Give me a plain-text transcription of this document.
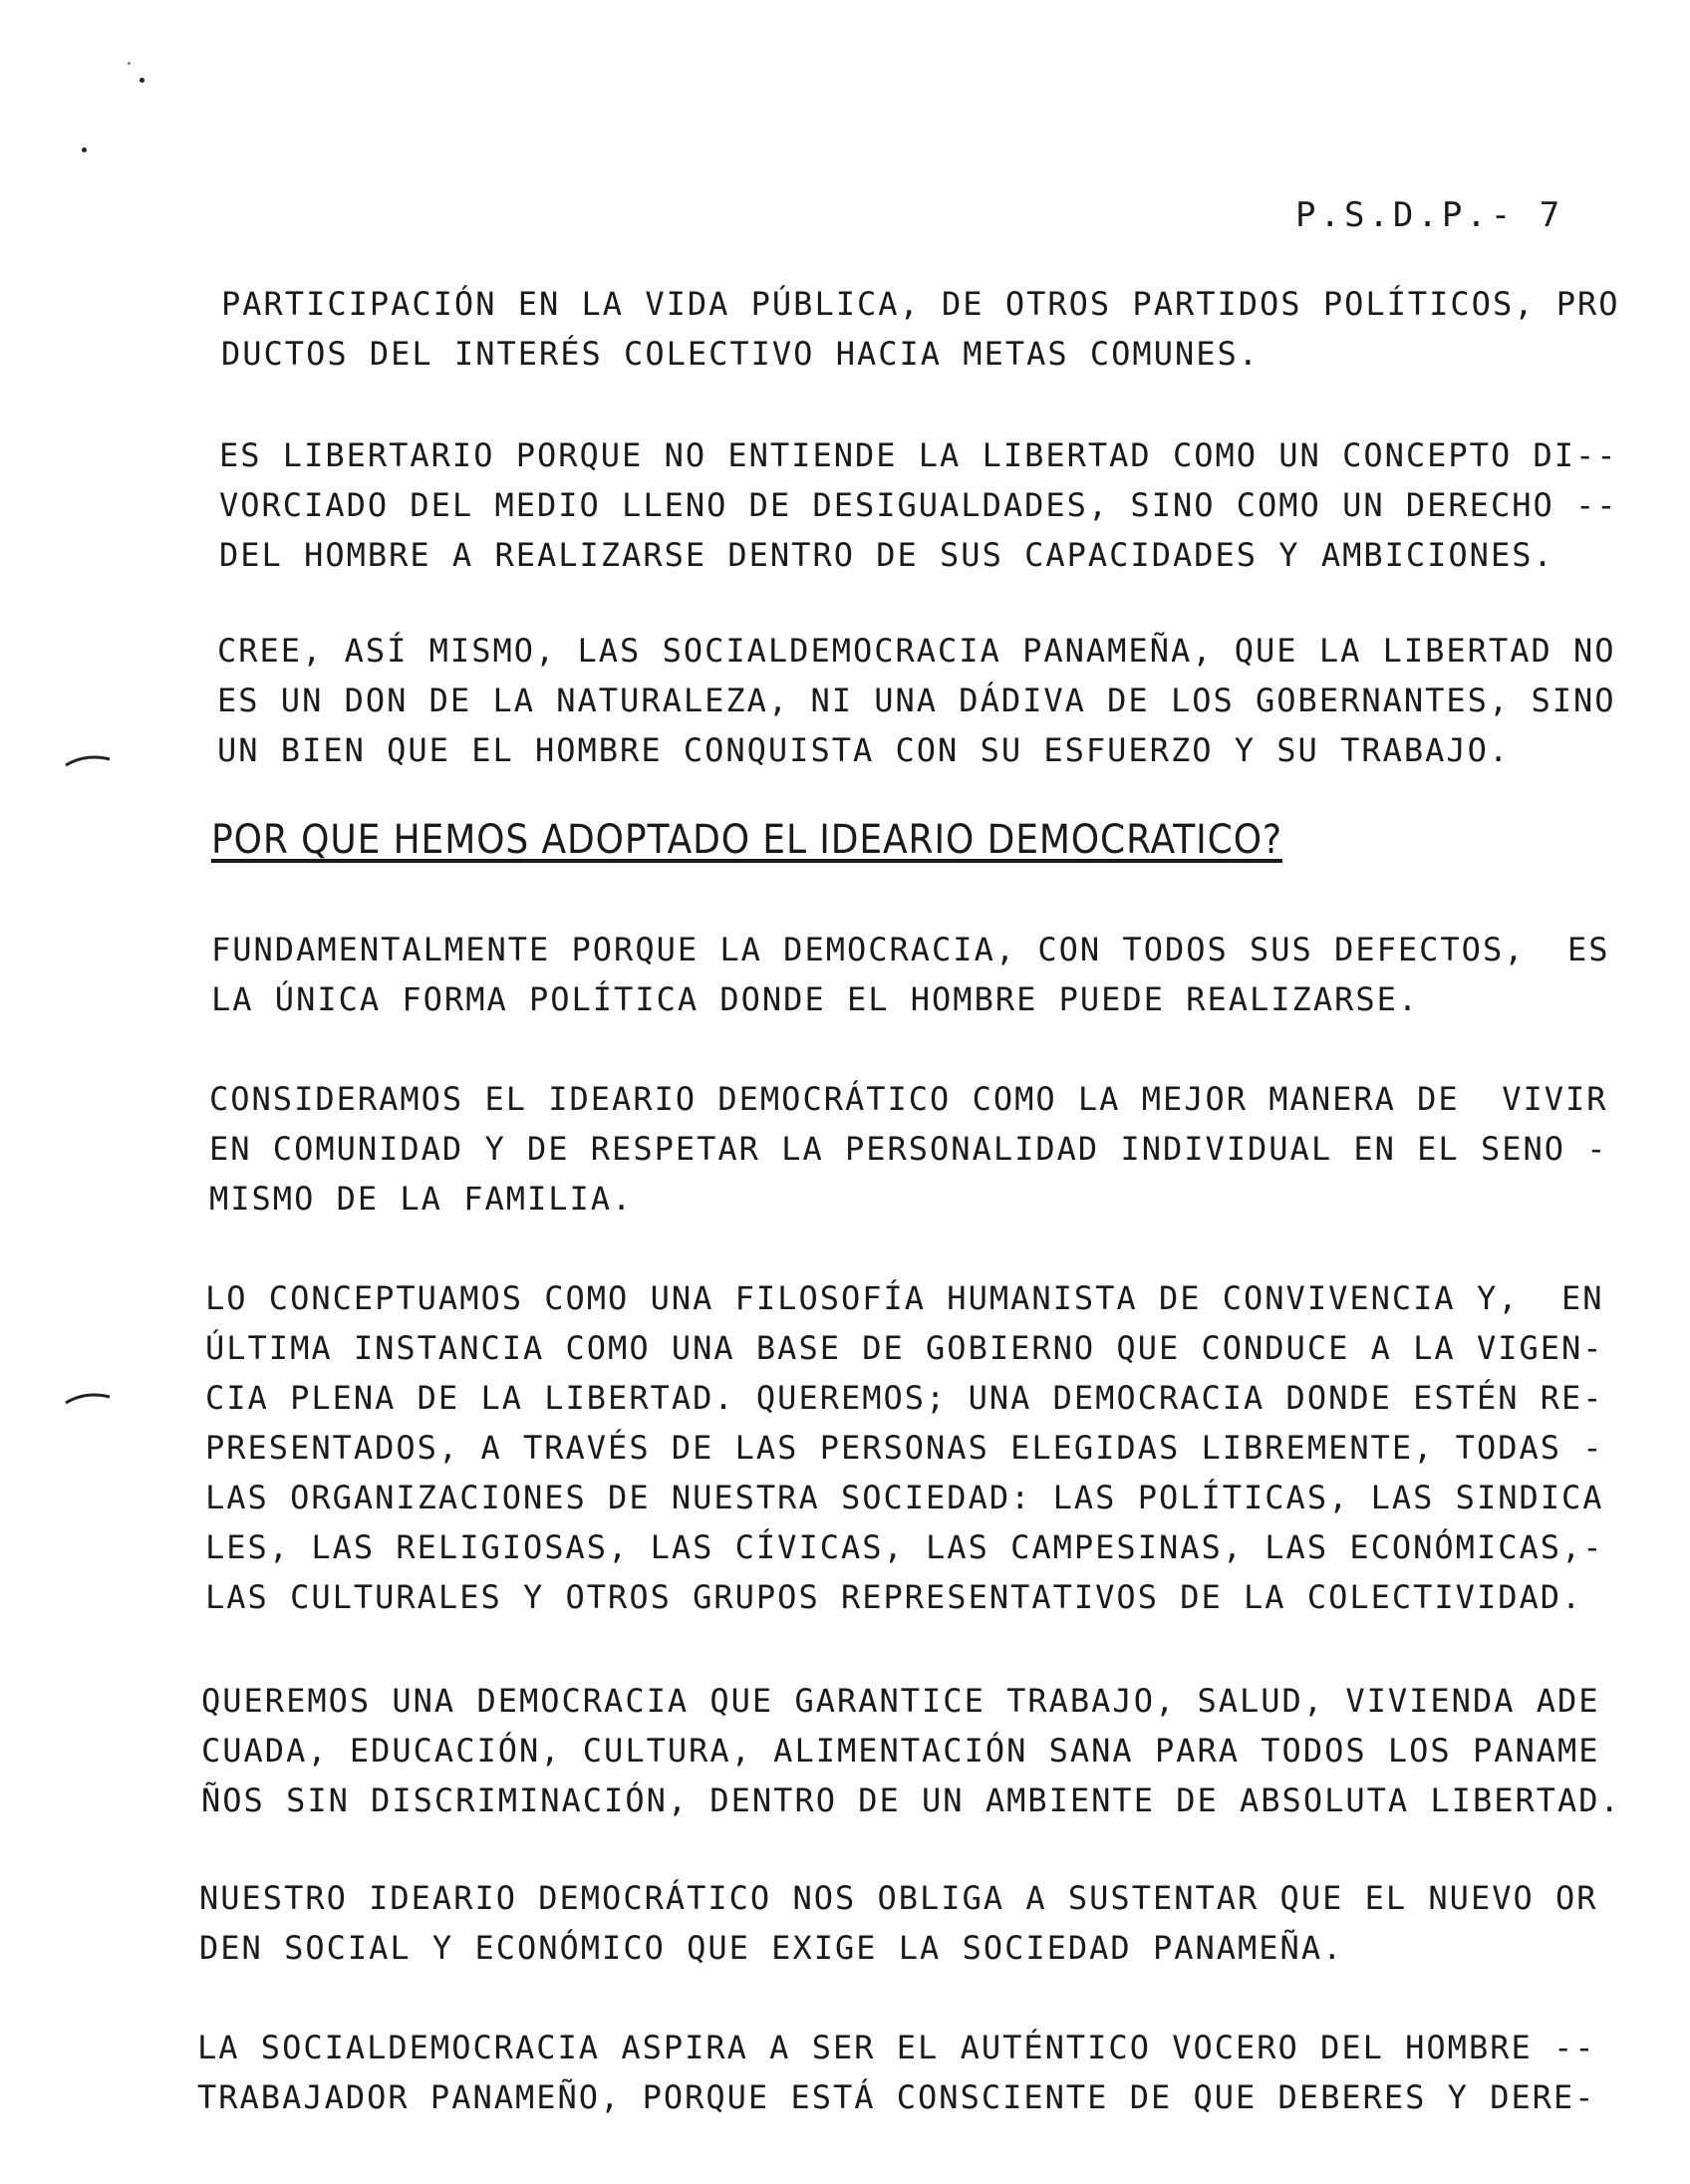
P.S.D.P.- 7
PARTICIPACIÓN EN LA VIDA PÚBLICA, DE OTROS PARTIDOS POLÍTICOS, PRO
DUCTOS DEL INTERÉS COLECTIVO HACIA METAS COMUNES.
ES LIBERTARIO PORQUE NO ENTIENDE LA LIBERTAD COMO UN CONCEPTO DI--
VORCIADO DEL MEDIO LLENO DE DESIGUALDADES, SINO COMO UN DERECHO --
DEL HOMBRE A REALIZARSE DENTRO DE SUS CAPACIDADES Y AMBICIONES.
CREE, ASÍ MISMO, LAS SOCIALDEMOCRACIA PANAMEÑA, QUE LA LIBERTAD NO
ES UN DON DE LA NATURALEZA, NI UNA DÁDIVA DE LOS GOBERNANTES, SINO
UN BIEN QUE EL HOMBRE CONQUISTA CON SU ESFUERZO Y SU TRABAJO.
POR QUE HEMOS ADOPTADO EL IDEARIO DEMOCRATICO?
FUNDAMENTALMENTE PORQUE LA DEMOCRACIA, CON TODOS SUS DEFECTOS,  ES
LA ÚNICA FORMA POLÍTICA DONDE EL HOMBRE PUEDE REALIZARSE.
CONSIDERAMOS EL IDEARIO DEMOCRÁTICO COMO LA MEJOR MANERA DE  VIVIR
EN COMUNIDAD Y DE RESPETAR LA PERSONALIDAD INDIVIDUAL EN EL SENO -
MISMO DE LA FAMILIA.
LO CONCEPTUAMOS COMO UNA FILOSOFÍA HUMANISTA DE CONVIVENCIA Y,  EN
ÚLTIMA INSTANCIA COMO UNA BASE DE GOBIERNO QUE CONDUCE A LA VIGEN-
CIA PLENA DE LA LIBERTAD. QUEREMOS; UNA DEMOCRACIA DONDE ESTÉN RE-
PRESENTADOS, A TRAVÉS DE LAS PERSONAS ELEGIDAS LIBREMENTE, TODAS -
LAS ORGANIZACIONES DE NUESTRA SOCIEDAD: LAS POLÍTICAS, LAS SINDICA
LES, LAS RELIGIOSAS, LAS CÍVICAS, LAS CAMPESINAS, LAS ECONÓMICAS,-
LAS CULTURALES Y OTROS GRUPOS REPRESENTATIVOS DE LA COLECTIVIDAD.
QUEREMOS UNA DEMOCRACIA QUE GARANTICE TRABAJO, SALUD, VIVIENDA ADE
CUADA, EDUCACIÓN, CULTURA, ALIMENTACIÓN SANA PARA TODOS LOS PANAME
ÑOS SIN DISCRIMINACIÓN, DENTRO DE UN AMBIENTE DE ABSOLUTA LIBERTAD.
NUESTRO IDEARIO DEMOCRÁTICO NOS OBLIGA A SUSTENTAR QUE EL NUEVO OR
DEN SOCIAL Y ECONÓMICO QUE EXIGE LA SOCIEDAD PANAMEÑA.
LA SOCIALDEMOCRACIA ASPIRA A SER EL AUTÉNTICO VOCERO DEL HOMBRE --
TRABAJADOR PANAMEÑO, PORQUE ESTÁ CONSCIENTE DE QUE DEBERES Y DERE-
